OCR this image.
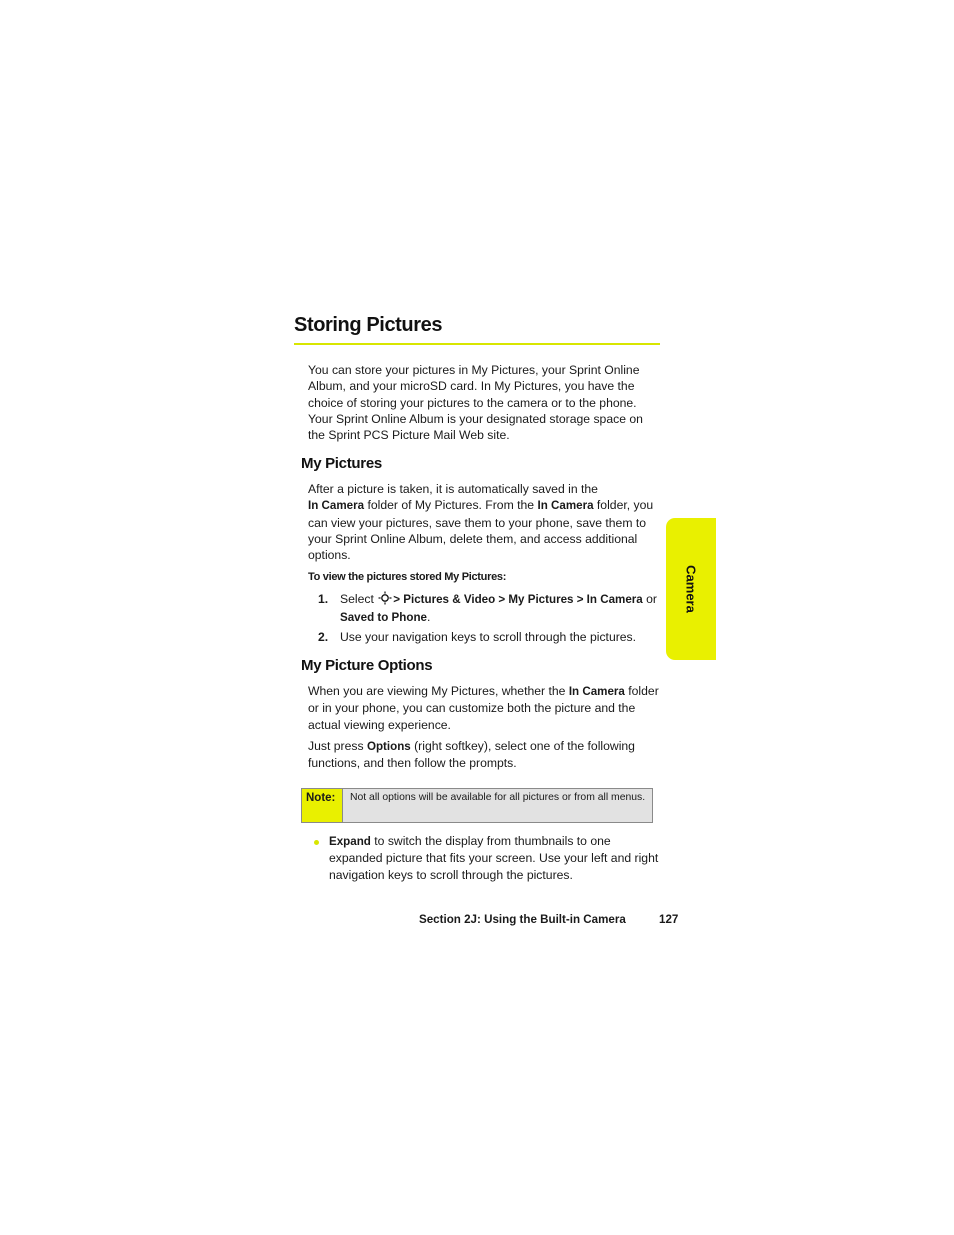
Storing Pictures
You can store your pictures in My Pictures, your Sprint Online Album, and your microSD card. In My Pictures, you have the choice of storing your pictures to the camera or to the phone. Your Sprint Online Album is your designated storage space on the Sprint PCS Picture Mail Web site.
My Pictures
After a picture is taken, it is automatically saved in the
In Camera folder of My Pictures. From the In Camera folder, you can view your pictures, save them to your phone, save them to your Sprint Online Album, delete them, and access additional options.
To view the pictures stored My Pictures:
1. Select > Pictures & Video > My Pictures > In Camera or
Saved to Phone.
2. Use your navigation keys to scroll through the pictures.
My Picture Options
When you are viewing My Pictures, whether the In Camera folder or in your phone, you can customize both the picture and the actual viewing experience.
Just press Options (right softkey), select one of the following functions, and then follow the prompts.
Note:	Not all options will be available for all pictures or from all menus.
Expand to switch the display from thumbnails to one expanded picture that fits your screen. Use your left and right navigation keys to scroll through the pictures.
Camera
Section 2J: Using the Built-in Camera	127
